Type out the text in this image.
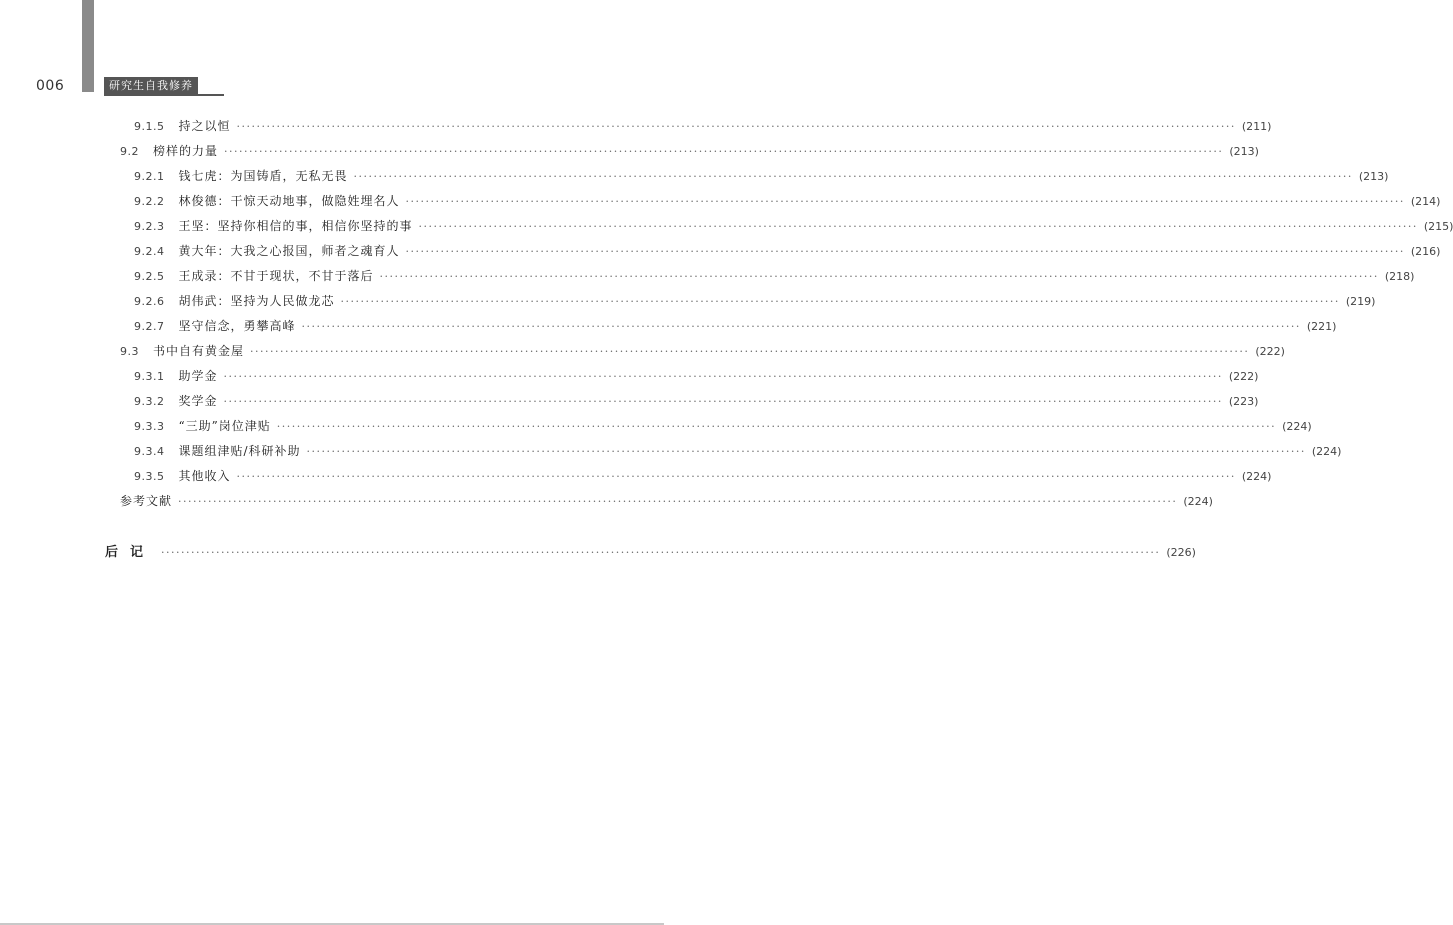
006	研究生自我修养
9.1.5 持之以恒 ········································································································································································································ (211)
9.2 榜样的力量 ········································································································································································································ (213)
9.2.1 钱七虎：为国铸盾，无私无畏 ········································································································································································································ (213)
9.2.2 林俊德：干惊天动地事，做隐姓埋名人 ········································································································································································································ (214)
9.2.3 王坚：坚持你相信的事，相信你坚持的事 ········································································································································································································ (215)
9.2.4 黄大年：大我之心报国，师者之魂育人 ········································································································································································································ (216)
9.2.5 王成录：不甘于现状，不甘于落后 ········································································································································································································ (218)
9.2.6 胡伟武：坚持为人民做龙芯 ········································································································································································································ (219)
9.2.7 坚守信念，勇攀高峰 ········································································································································································································ (221)
9.3 书中自有黄金屋 ········································································································································································································ (222)
9.3.1 助学金 ········································································································································································································ (222)
9.3.2 奖学金 ········································································································································································································ (223)
9.3.3 “三助”岗位津贴 ········································································································································································································ (224)
9.3.4 课题组津贴/科研补助 ········································································································································································································ (224)
9.3.5 其他收入 ········································································································································································································ (224)
参考文献 ········································································································································································································ (224)
后记 ········································································································································································································ (226)
